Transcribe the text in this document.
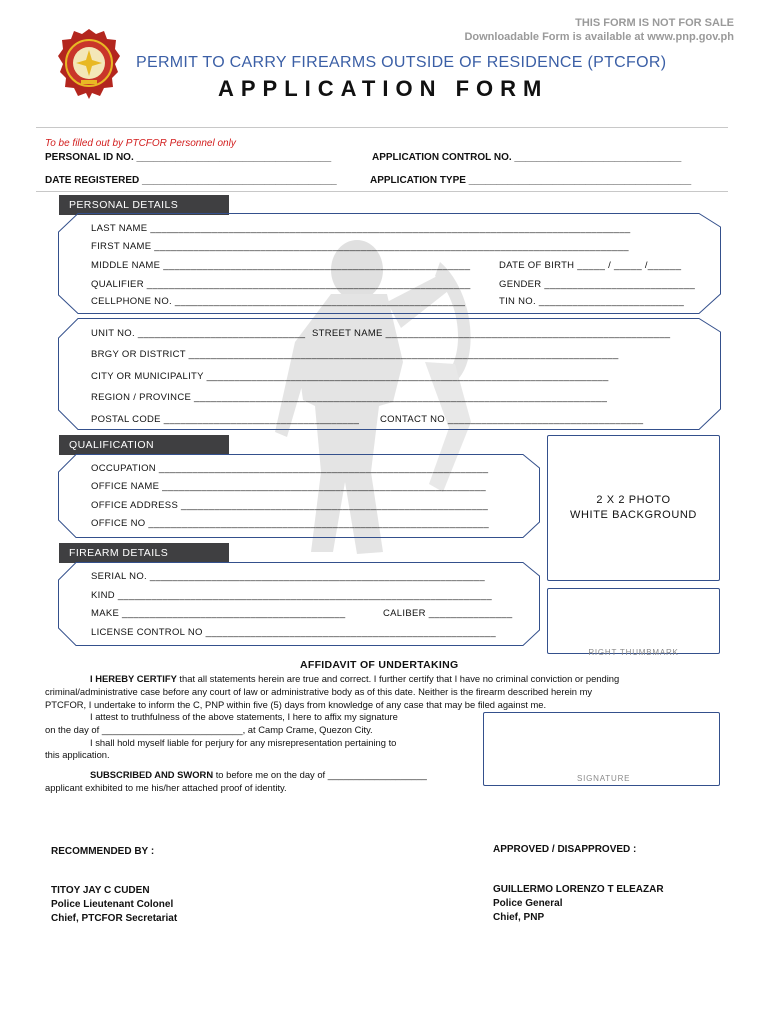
THIS FORM IS NOT FOR SALE
Downloadable Form is available at www.pnp.gov.ph
PERMIT TO CARRY FIREARMS OUTSIDE OF RESIDENCE (PTCFOR)
APPLICATION FORM
To be filled out by PTCFOR Personnel only
PERSONAL ID NO. ___________________________________	APPLICATION CONTROL NO. ______________________________
DATE REGISTERED ___________________________________	APPLICATION TYPE ________________________________________
PERSONAL DETAILS
LAST NAME ______________________________________________________________________________________
FIRST NAME _____________________________________________________________________________________
MIDDLE NAME _______________________________________________________	DATE OF BIRTH _____ / _____ /______
QUALIFIER __________________________________________________________	GENDER ___________________________
CELLPHONE NO. ____________________________________________________	TIN NO. __________________________
UNIT NO. ______________________________ STREET NAME ___________________________________________________
BRGY OR DISTRICT _____________________________________________________________________________
CITY OR MUNICIPALITY ________________________________________________________________________
REGION / PROVINCE __________________________________________________________________________
POSTAL CODE ___________________________________ CONTACT NO ___________________________________
QUALIFICATION
OCCUPATION ___________________________________________________________
OFFICE NAME __________________________________________________________
OFFICE ADDRESS _______________________________________________________
OFFICE NO _____________________________________________________________
2 X 2 PHOTO
WHITE BACKGROUND
FIREARM DETAILS
SERIAL NO. ____________________________________________________________
KIND ___________________________________________________________________
MAKE ________________________________________	CALIBER _______________
LICENSE CONTROL NO ____________________________________________________
RIGHT THUMBMARK
AFFIDAVIT OF UNDERTAKING
I HEREBY CERTIFY that all statements herein are true and correct. I further certify that I have no criminal conviction or pending
criminal/administrative case before any court of law or administrative body as of this date. Neither is the firearm described herein my
PTCFOR, I undertake to inform the C, PNP within five (5) days from knowledge of any case that may be filed against me.
I attest to truthfulness of the above statements, I here to affix my signature
on the day of ___________________________, at Camp Crame, Quezon City.
I shall hold myself liable for perjury for any misrepresentation pertaining to
this application.
SUBSCRIBED AND SWORN to before me on the day of ___________________
applicant exhibited to me his/her attached proof of identity.
SIGNATURE
RECOMMENDED BY :	APPROVED / DISAPPROVED :
TITOY JAY C CUDEN
Police Lieutenant Colonel
Chief, PTCFOR Secretariat
GUILLERMO LORENZO T ELEAZAR
Police General
Chief, PNP
